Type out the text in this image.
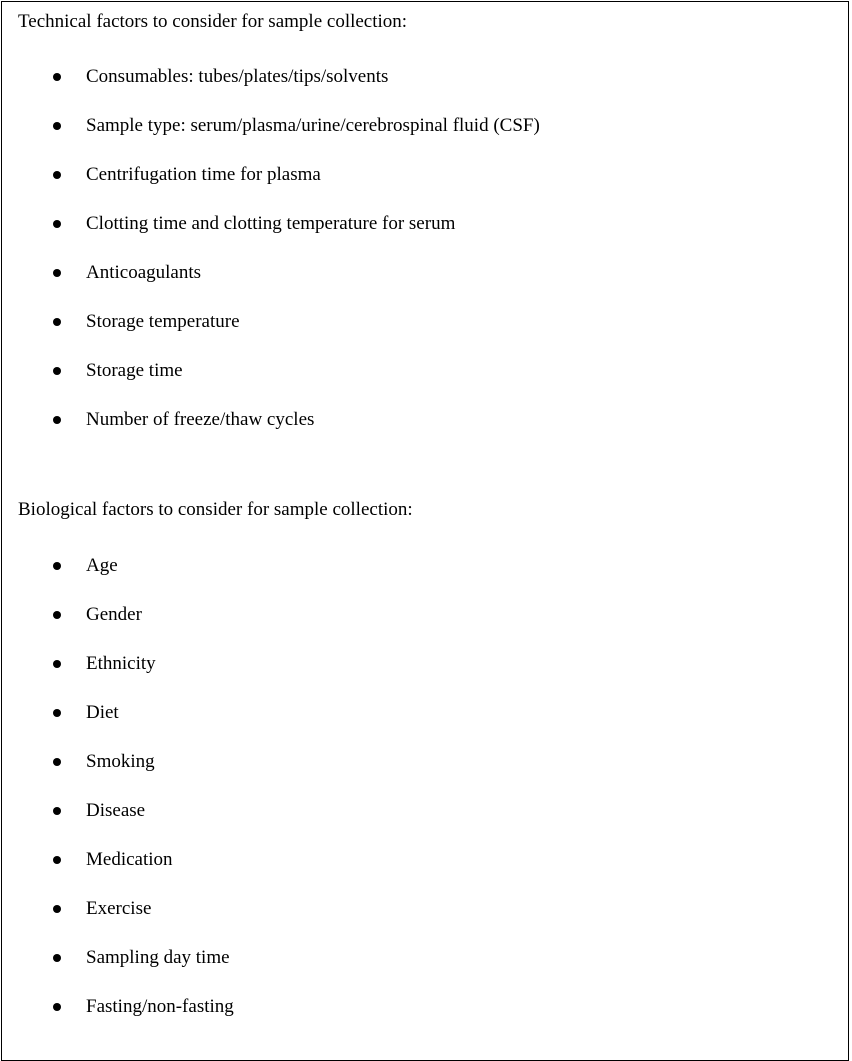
Technical factors to consider for sample collection:
Consumables: tubes/plates/tips/solvents
Sample type: serum/plasma/urine/cerebrospinal fluid (CSF)
Centrifugation time for plasma
Clotting time and clotting temperature for serum
Anticoagulants
Storage temperature
Storage time
Number of freeze/thaw cycles
Biological factors to consider for sample collection:
Age
Gender
Ethnicity
Diet
Smoking
Disease
Medication
Exercise
Sampling day time
Fasting/non-fasting
